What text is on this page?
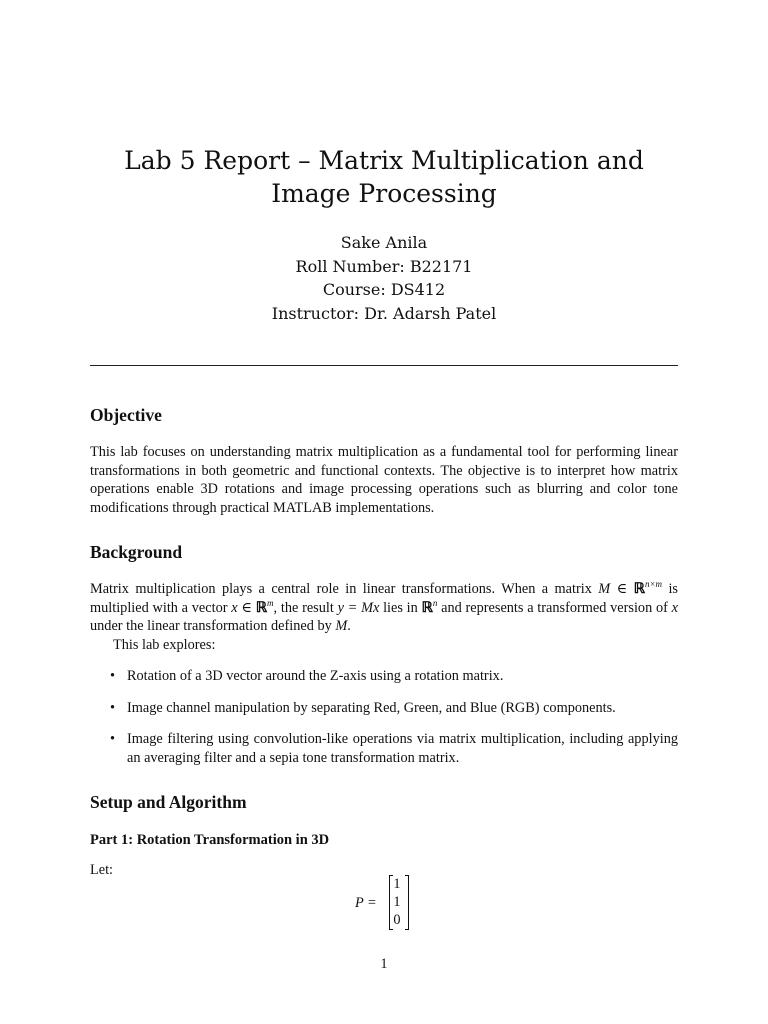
Lab 5 Report – Matrix Multiplication and
Image Processing
Sake Anila
Roll Number: B22171
Course: DS412
Instructor: Dr. Adarsh Patel
Objective
This lab focuses on understanding matrix multiplication as a fundamental tool for performing linear transformations in both geometric and functional contexts. The objective is to interpret how matrix operations enable 3D rotations and image processing operations such as blurring and color tone modifications through practical MATLAB implementations.
Background
Matrix multiplication plays a central role in linear transformations. When a matrix M ∈ ℝ$^{n\times m}$ is multiplied with a vector x ∈ ℝ$^m$, the result y = Mx lies in ℝ$^n$ and represents a transformed version of x under the linear transformation defined by M.
This lab explores:
• Rotation of a 3D vector around the Z-axis using a rotation matrix.
• Image channel manipulation by separating Red, Green, and Blue (RGB) components.
• Image filtering using convolution-like operations via matrix multiplication, including applying an averaging filter and a sepia tone transformation matrix.
Setup and Algorithm
Part 1: Rotation Transformation in 3D
Let:
P =
1
1
0
1
